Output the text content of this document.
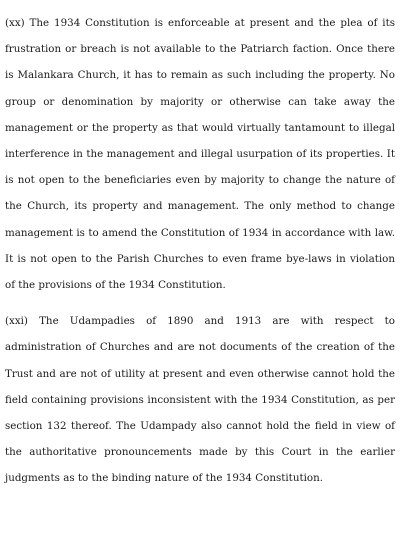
(xx) The 1934 Constitution is enforceable at present and the plea of its frustration or breach is not available to the Patriarch faction. Once there is Malankara Church, it has to remain as such including the property. No group or denomination by majority or otherwise can take away the management or the property as that would virtually tantamount to illegal interference in the management and illegal usurpation of its properties. It is not open to the beneficiaries even by majority to change the nature of the Church, its property and management. The only method to change management is to amend the Constitution of 1934 in accordance with law. It is not open to the Parish Churches to even frame bye-laws in violation of the provisions of the 1934 Constitution.

(xxi) The Udampadies of 1890 and 1913 are with respect to administration of Churches and are not documents of the creation of the Trust and are not of utility at present and even otherwise cannot hold the field containing provisions inconsistent with the 1934 Constitution, as per section 132 thereof. The Udampady also cannot hold the field in view of the authoritative pronouncements made by this Court in the earlier judgments as to the binding nature of the 1934 Constitution.
